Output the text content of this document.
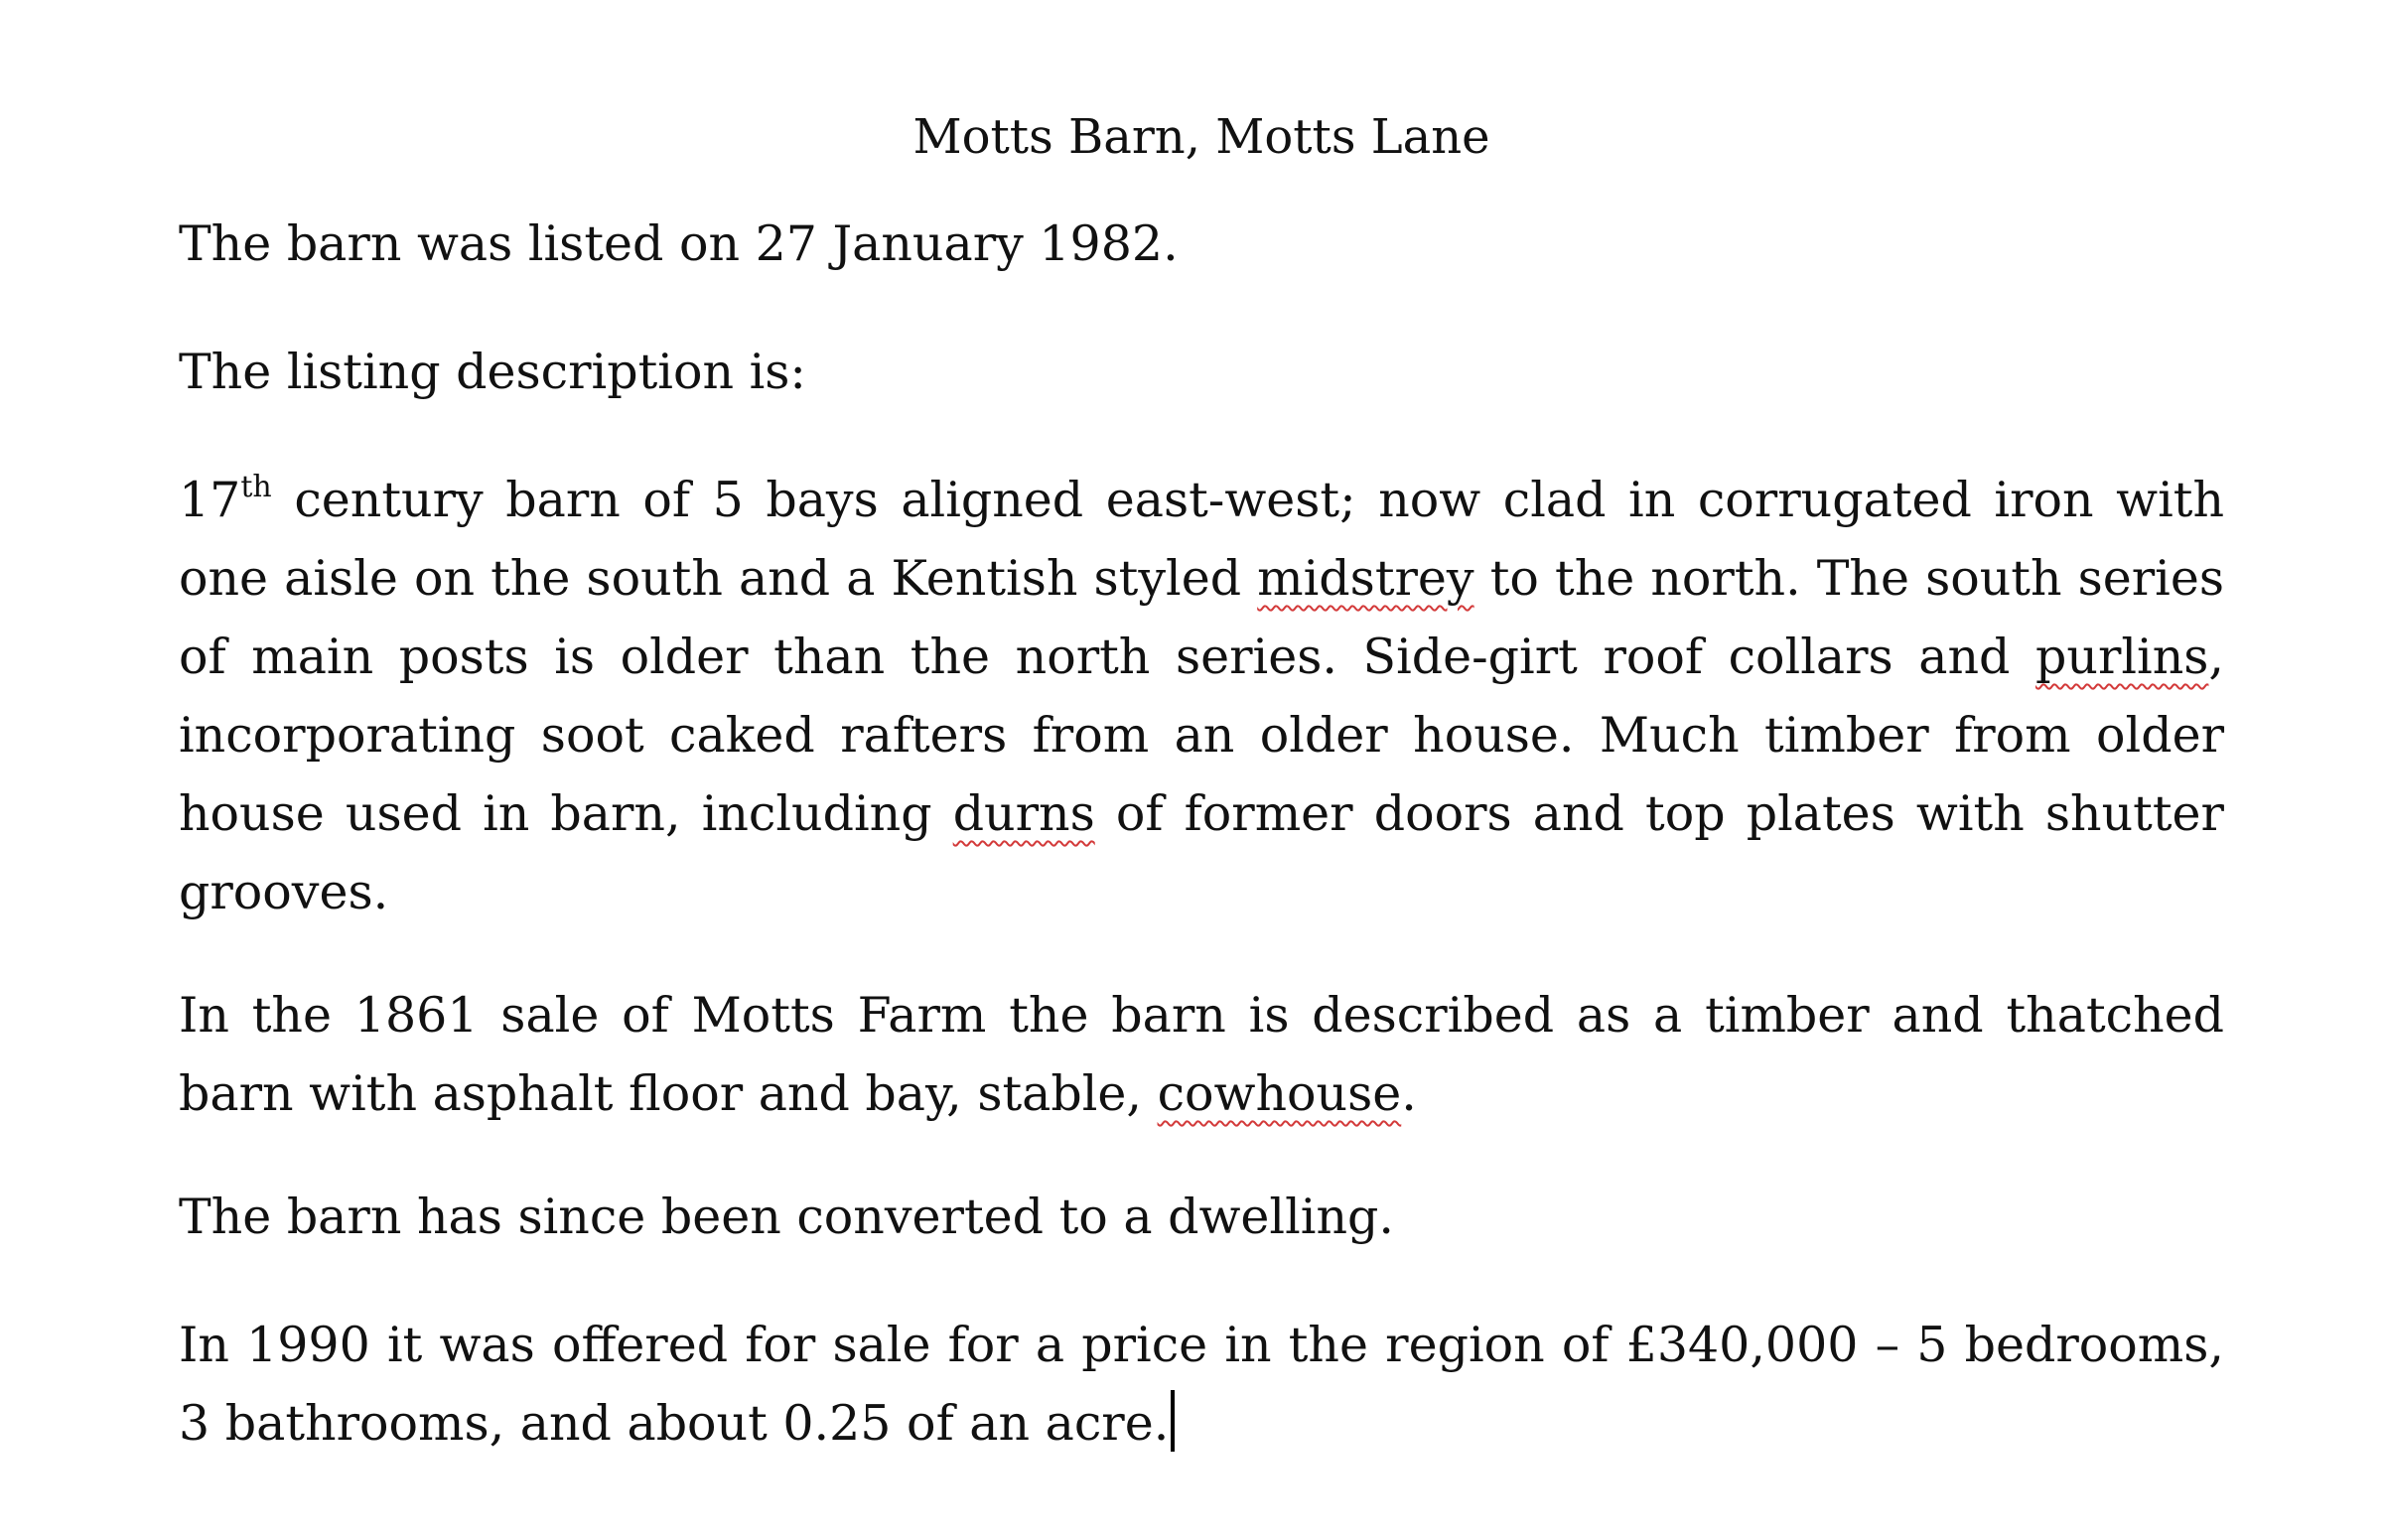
Motts Barn, Motts Lane

The barn was listed on 27 January 1982.

The listing description is:

17th century barn of 5 bays aligned east-west; now clad in corrugated iron with one aisle on the south and a Kentish styled midstrey to the north. The south series of main posts is older than the north series. Side-girt roof collars and purlins, incorporating soot caked rafters from an older house. Much timber from older house used in barn, including durns of former doors and top plates with shutter grooves.

In the 1861 sale of Motts Farm the barn is described as a timber and thatched barn with asphalt floor and bay, stable, cowhouse.

The barn has since been converted to a dwelling.

In 1990 it was offered for sale for a price in the region of £340,000 – 5 bedrooms, 3 bathrooms, and about 0.25 of an acre.
